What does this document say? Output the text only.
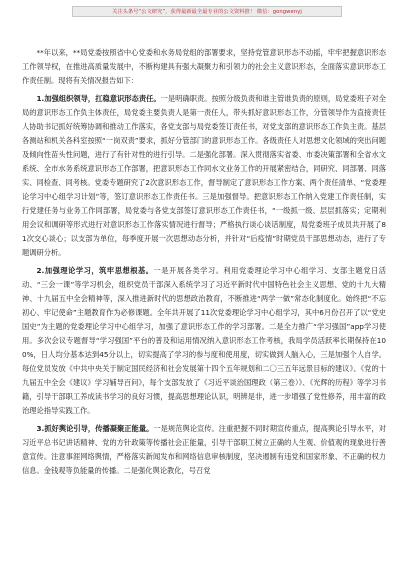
关注头条号“公文研究”，获得最新最全最专业的公文资料推！ 微信：gongwenyj

**年以来，**局党委按照省中心党委和水务局党组的部署要求，坚持党管意识形态不动摇，牢牢把握意识形态工作领导权，在推进高质量发展中，不断构建具有强大凝聚力和引领力的社会主义意识形态，全面落实意识形态工作责任制。现将有关情况报告如下：

1.加强组织领导，扛稳意识形态责任。一是明确职责。按照分级负责和谁主管谁负责的原则，局党委班子对全局的意识形态工作负主体责任，局党委主要负责人是第一责任人，带头抓好意识形态工作，分管领导作为直接责任人协助书记抓好统筹协调和推动工作落实，各党支部与局党委签订责任书，对党支部的意识形态工作负主责。基层各测站和机关各科室按照“一岗双责”要求，抓好分管部门的意识形态工作。各级责任人对思想文化领域的突出问题及倾向性苗头性问题，进行了有针对性的进行引导。二是强化部署。深入贯彻落实省委、市委决策部署和全省水文系统、全市水务系统意识形态工作部署，把意识形态工作同水文业务工作的开展紧密结合，同研究、同部署、同落实、同检查、同考核。党委专题研究了2次意识形态工作，督导制定了意识形态工作方案、两个责任清单、“党委理论学习中心组学习计划”等，签订意识形态工作责任书。三是加强督导。把意识形态工作纳入党建工作责任制，实行党建任务与业务工作同部署，局党委与各党支部签订意识形态工作责任书，“一级抓一级、层层抓落实；定期利用会议和调研等形式进行对意识形态工作落实情况进行督导；严格执行谈心谈话制度，局党委班子成员共开展了81次交心谈心；以支部为单位，每季度开展一次思想动态分析，并针对“后疫情”时期党员干部思想动态，进行了专题调研分析。

2.加强理论学习，筑牢思想根基。一是开展各类学习。利用党委理论学习中心组学习、支部主题党日活动、“三会一课”等学习机会，组织党员干部深入系统学习了习近平新时代中国特色社会主义思想、党的十九大精神、十九届五中全会精神等，深入推进新时代的思想政治教育，不断推进“两学一做”常态化制度化。始终把“不忘初心、牢记使命”主题教育作为必修课题。全年共开展了11次党委理论学习中心组学习，其中6月份召开了以“党史国史”为主题的党委理论学习中心组学习，加强了意识形态工作的学习部署。二是全力推广“学习强国”app学习使用。多次会议专题督导“学习强国”平台的普及和运用情况纳入意识形态工作考核，我局学员活跃率长期保持在100%，日人均分基本达到45分以上，切实提高了学习的参与度和使用度，切实做到人脑入心，三是加强个人自学。每位党员发放《中共中央关于制定国民经济和社会发展第十四个五年规划和二〇三五年远景目标的建议》、《党的十九届五中全会《建议》学习辅导百问》，每个支部发放了《习近平谈治国理政（第三卷）》、《光辉的历程》等学习书籍，引导干部职工养成读书学习的良好习惯，提高思想理论认识，明辨是非，进一步增强了党性修养，用丰富的政治理论指导实践工作。

3.抓好舆论引导，传播凝聚正能量。一是规范舆论宣传。注重把握不同时期宣传重点，提高舆论引导水平，对习近平总书记讲话精神、党的方针政策等传播社会正能量，引导干部职工树立正确的人生观、价值观的现象进行善意宣传。注意事涯网络舆情，严格落实新闻发布和网络信息审核制度，坚决遏制有违党和国家形象、不正确的权力信息。金钱观等负能量的传播。二是强化舆论教化，号召党
